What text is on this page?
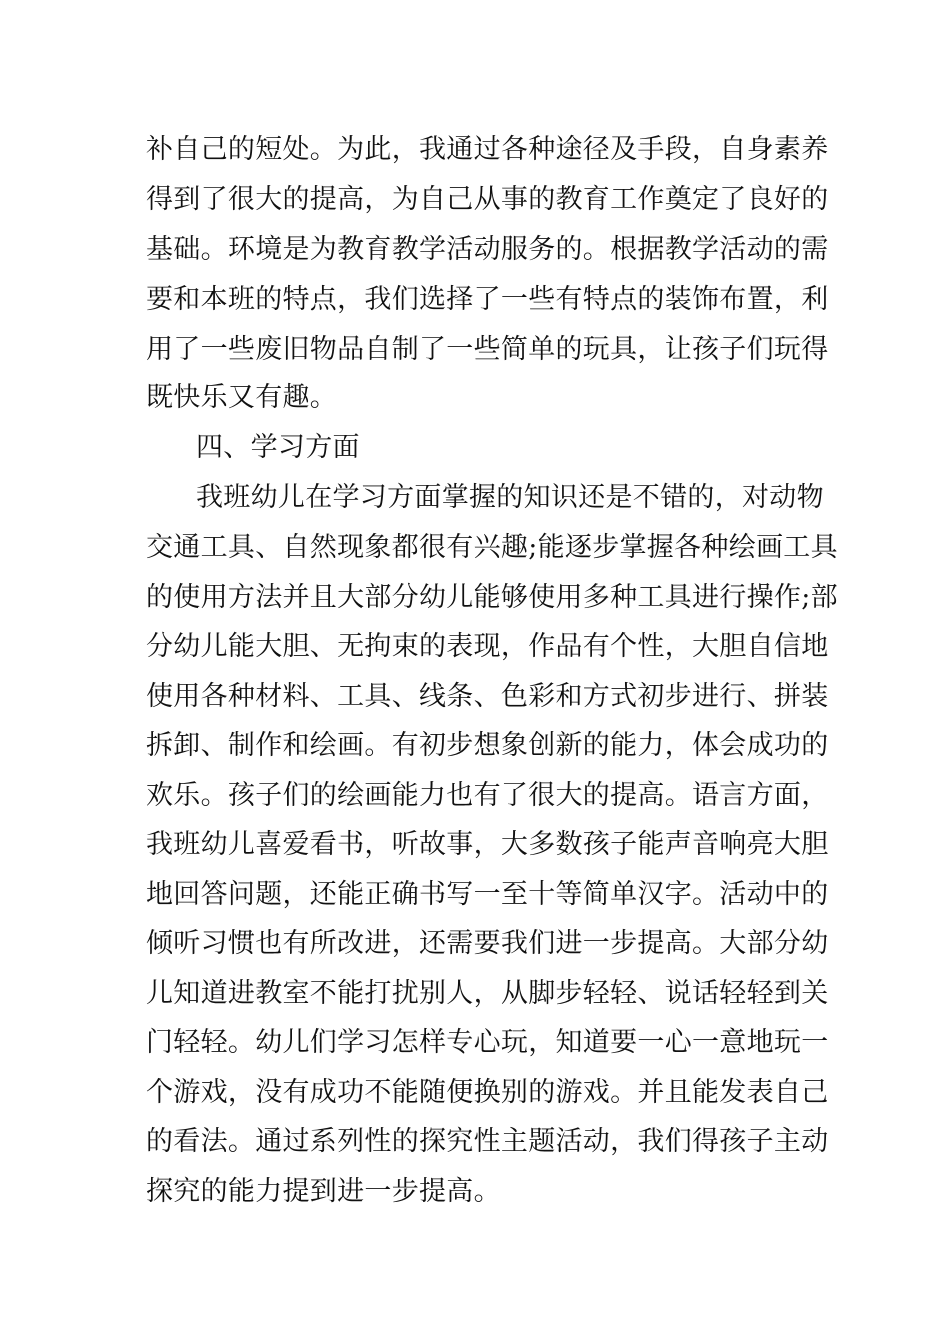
补自己的短处。为此，我通过各种途径及手段，自身素养
得到了很大的提高，为自己从事的教育工作奠定了良好的
基础。环境是为教育教学活动服务的。根据教学活动的需
要和本班的特点，我们选择了一些有特点的装饰布置，利
用了一些废旧物品自制了一些简单的玩具，让孩子们玩得
既快乐又有趣。
四、学习方面
我班幼儿在学习方面掌握的知识还是不错的，对动物
交通工具、自然现象都很有兴趣;能逐步掌握各种绘画工具
的使用方法并且大部分幼儿能够使用多种工具进行操作;部
分幼儿能大胆、无拘束的表现，作品有个性，大胆自信地
使用各种材料、工具、线条、色彩和方式初步进行、拼装
拆卸、制作和绘画。有初步想象创新的能力，体会成功的
欢乐。孩子们的绘画能力也有了很大的提高。语言方面，
我班幼儿喜爱看书，听故事，大多数孩子能声音响亮大胆
地回答问题，还能正确书写一至十等简单汉字。活动中的
倾听习惯也有所改进，还需要我们进一步提高。大部分幼
儿知道进教室不能打扰别人，从脚步轻轻、说话轻轻到关
门轻轻。幼儿们学习怎样专心玩，知道要一心一意地玩一
个游戏，没有成功不能随便换别的游戏。并且能发表自己
的看法。通过系列性的探究性主题活动，我们得孩子主动
探究的能力提到进一步提高。
